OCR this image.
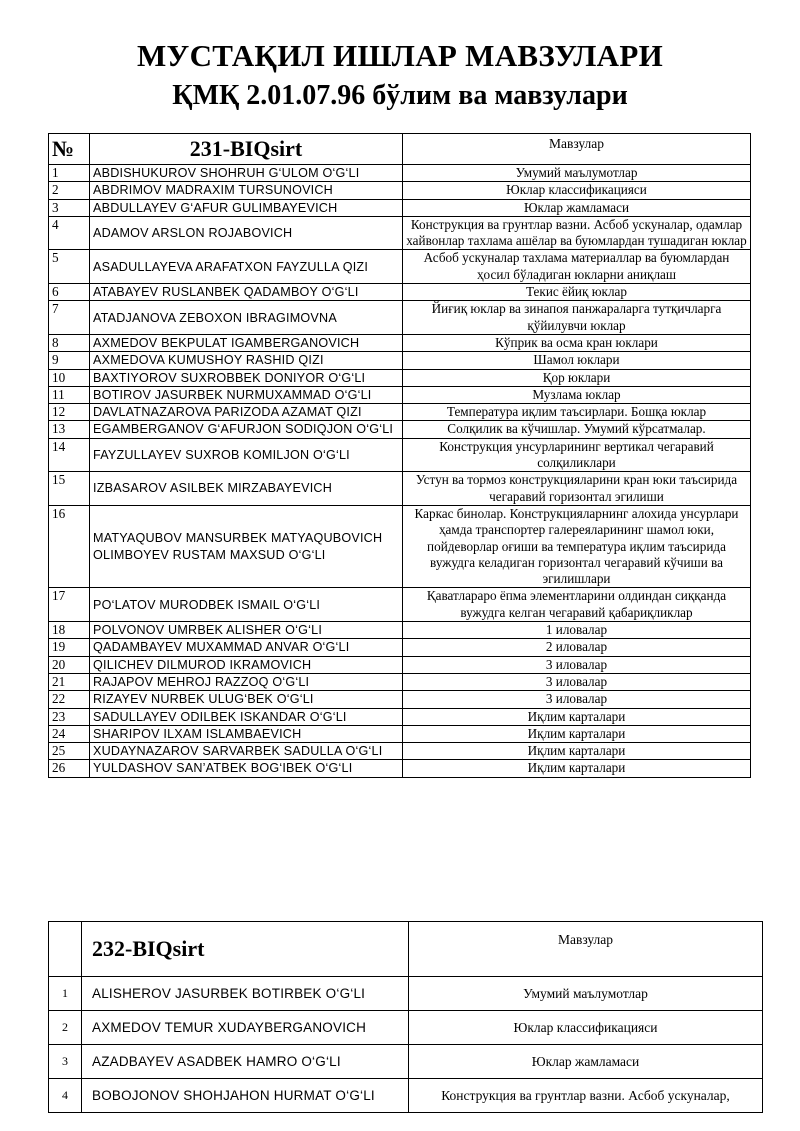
МУСТАҚИЛ ИШЛАР МАВЗУЛАРИ
ҚМҚ 2.01.07.96 бўлим ва мавзулари
№	231-BIQsirt	Мавзулар
1	ABDISHUKUROV SHOHRUH G‘ULOM O‘G‘LI	Умумий маълумотлар
2	ABDRIMOV MADRAXIM TURSUNOVICH	Юклар классификацияси
3	ABDULLAYEV G‘AFUR GULIMBAYEVICH	Юклар жамламаси
4	ADAMOV ARSLON ROJABOVICH	Конструкция ва грунтлар вазни. Асбоб ускуналар, одамлар хайвонлар тахлама ашёлар ва буюмлардан тушадиган юклар
5	ASADULLAYEVA ARAFATXON FAYZULLA QIZI	Асбоб ускуналар тахлама материаллар ва буюмлардан ҳосил бўладиган юкларни аниқлаш
6	ATABAYEV RUSLANBEK QADAMBOY O‘G‘LI	Текис ёйиқ юклар
7	ATADJANOVA ZEBOXON IBRAGIMOVNA	Йиғиқ юклар ва зинапоя панжараларга тутқичларга қўйилувчи юклар
8	AXMEDOV BEKPULAT IGAMBERGANOVICH	Кўприк ва осма кран юклари
9	AXMEDOVA KUMUSHOY RASHID QIZI	Шамол юклари
10	BAXTIYOROV SUXROBBEK DONIYOR O‘G‘LI	Қор юклари
11	BOTIROV JASURBEK NURMUXAMMAD O‘G‘LI	Музлама юклар
12	DAVLATNAZAROVA PARIZODA AZAMAT QIZI	Температура иқлим таъсирлари. Бошқа юклар
13	EGAMBERGANOV G‘AFURJON SODIQJON O‘G‘LI	Солқилик ва кўчишлар. Умумий кўрсатмалар.
14	FAYZULLAYEV SUXROB KOMILJON O‘G‘LI	Конструкция унсурларининг вертикал чегаравий солқиликлари
15	IZBASAROV ASILBEK MIRZABAYEVICH	Устун ва тормоз конструкцияларини кран юки таъсирида чегаравий горизонтал эгилиши
16	MATYAQUBOV MANSURBEK MATYAQUBOVICH OLIMBOYEV RUSTAM MAXSUD O‘G‘LI	Каркас бинолар. Конструкцияларнинг алохида унсурлари ҳамда транспортер галереяларининг шамол юки, пойдеворлар оғиши ва температура иқлим таъсирида вужудга келадиган горизонтал чегаравий кўчиши ва эгилишлари
17	PO‘LATOV MURODBEK ISMAIL O‘G‘LI	Қаватлараро ёпма элементларини олдиндан сиққанда вужудга келган чегаравий қабариқликлар
18	POLVONOV UMRBEK ALISHER O‘G‘LI	1 иловалар
19	QADAMBAYEV MUXAMMAD ANVAR O‘G‘LI	2 иловалар
20	QILICHEV DILMUROD IKRAMOVICH	3 иловалар
21	RAJAPOV MEHROJ RAZZOQ O‘G‘LI	3 иловалар
22	RIZAYEV NURBEK ULUG‘BEK O‘G‘LI	3 иловалар
23	SADULLAYEV ODILBEK ISKANDAR O‘G‘LI	Иқлим карталари
24	SHARIPOV ILXAM ISLAMBAEVICH	Иқлим карталари
25	XUDAYNAZAROV SARVARBEK SADULLA O‘G‘LI	Иқлим карталари
26	YULDASHOV SAN’ATBEK BOG‘IBEK O‘G‘LI	Иқлим карталари
	232-BIQsirt	Мавзулар
1	ALISHEROV JASURBEK BOTIRBEK O‘G‘LI	Умумий маълумотлар
2	AXMEDOV TEMUR XUDAYBERGANOVICH	Юклар классификацияси
3	AZADBAYEV ASADBEK HAMRO O‘G‘LI	Юклар жамламаси
4	BOBOJONOV SHOHJAHON HURMAT O‘G‘LI	Конструкция ва грунтлар вазни. Асбоб ускуналар,
